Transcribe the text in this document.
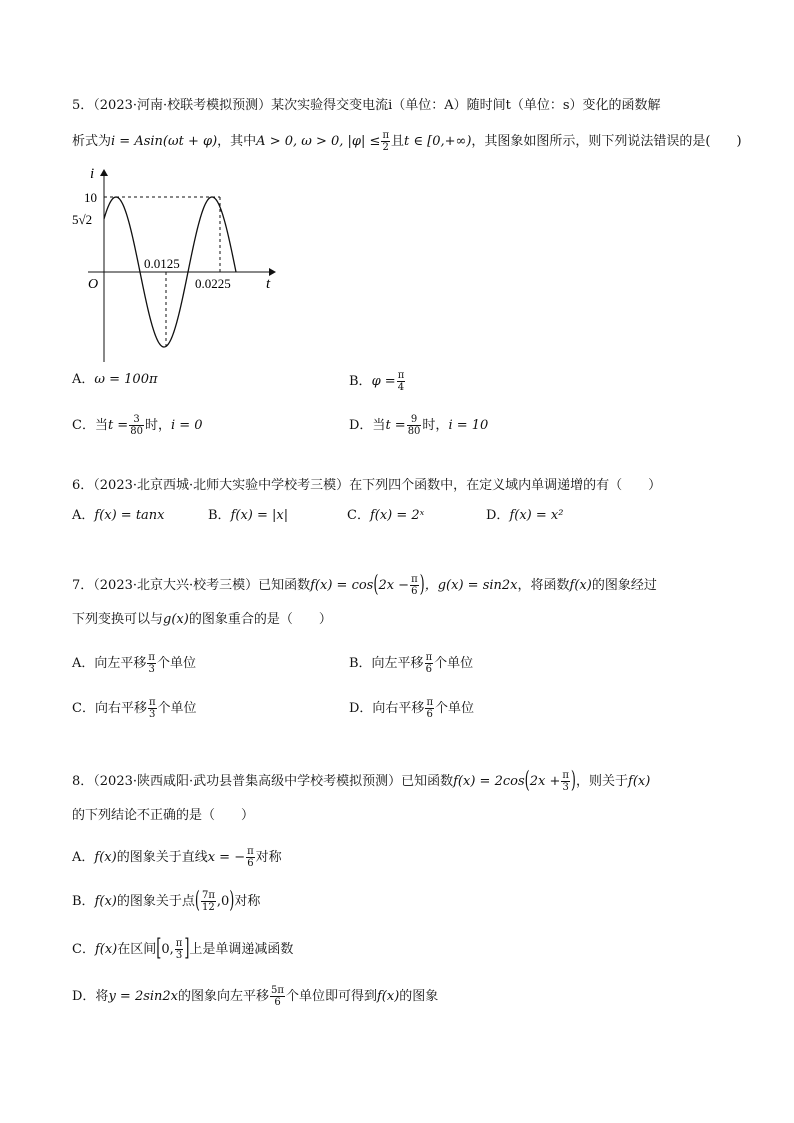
5．（2023·河南·校联考模拟预测）某次实验得交变电流i（单位：A）随时间t（单位：s）变化的函数解
析式为i = Asin(ωt + φ)，其中A > 0, ω > 0, $|\varphi| \le \frac{\pi}{2}$ 且t ∈ [0,+∞)，其图象如图所示，则下列说法错误的是(　　)
i
t
O
10
5√2
0.0125
0.0225
A．ω = 100π	B．$\varphi = \frac{\pi}{4}$
C．当$t = \frac{3}{80}$ 时，i = 0	D．当$t = \frac{9}{80}$ 时，i = 10
6．（2023·北京西城·北师大实验中学校考三模）在下列四个函数中，在定义域内单调递增的有（　　）
A．f(x) = tanx	B．f(x) = |x|	C．f(x) = 2ˣ	D．f(x) = x²
7．（2023·北京大兴·校考三模）已知函数$f(x) = \cos(2x - \frac{\pi}{6}$ )，g(x) = sin2x，将函数f(x)的图象经过
下列变换可以与g(x)的图象重合的是（　　）
A．向左平移 $\frac{\pi}{3}$ 个单位	B．向左平移 $\frac{\pi}{6}$ 个单位
C．向右平移 $\frac{\pi}{3}$ 个单位	D．向右平移 $\frac{\pi}{6}$ 个单位
8．（2023·陕西咸阳·武功县普集高级中学校考模拟预测）已知函数$f(x) = 2\cos(2x + \frac{\pi}{3}$ )，则关于f(x)
的下列结论不正确的是（　　）
A．f(x)的图象关于直线x = − $\frac{\pi}{6}$ 对称
B．f(x)的图象关于点( $\frac{7\pi}{12} ,0$)对称
C．f(x)在区间[0, $\frac{\pi}{3}$ ]上是单调递减函数
D．将y = 2sin2x的图象向左平移 $\frac{5\pi}{6}$ 个单位即可得到f(x)的图象
